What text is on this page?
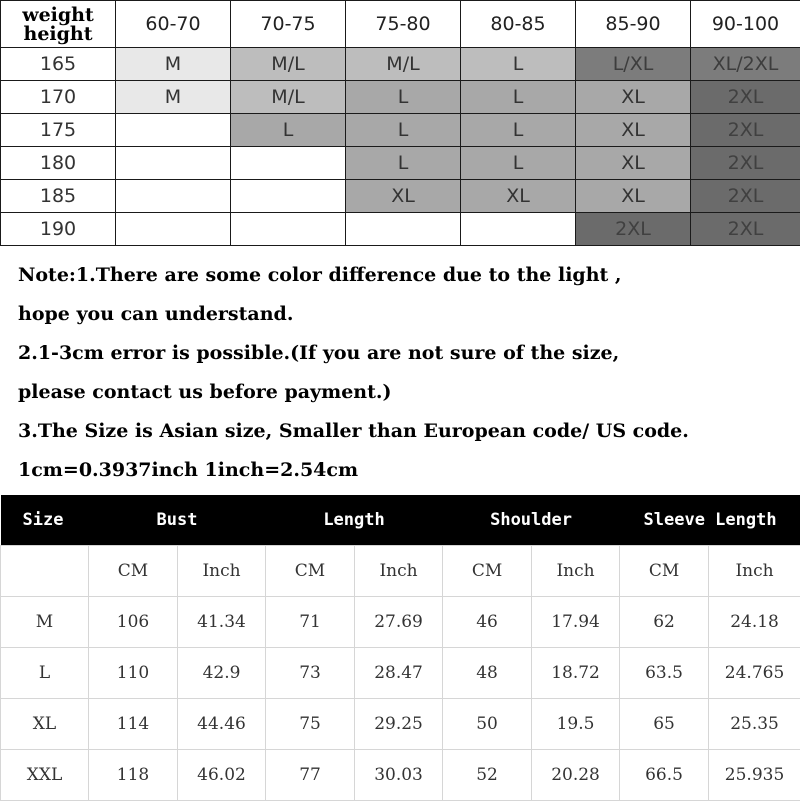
weight
height	60-70	70-75	75-80	80-85	85-90	90-100
165	M	M/L	M/L	L	L/XL	XL/2XL
170	M	M/L	L	L	XL	2XL
175		L	L	L	XL	2XL
180			L	L	XL	2XL
185			XL	XL	XL	2XL
190					2XL	2XL
Note:1.There are some color difference due to the light ,
hope you can understand.
2.1-3cm error is possible.(If you are not sure of the size,
please contact us before payment.)
3.The Size is Asian size, Smaller than European code/ US code.
1cm=0.3937inch 1inch=2.54cm
Size	Bust		Length		Shoulder		Sleeve Length	
	CM	Inch	CM	Inch	CM	Inch	CM	Inch
M	106	41.34	71	27.69	46	17.94	62	24.18
L	110	42.9	73	28.47	48	18.72	63.5	24.765
XL	114	44.46	75	29.25	50	19.5	65	25.35
XXL	118	46.02	77	30.03	52	20.28	66.5	25.935
